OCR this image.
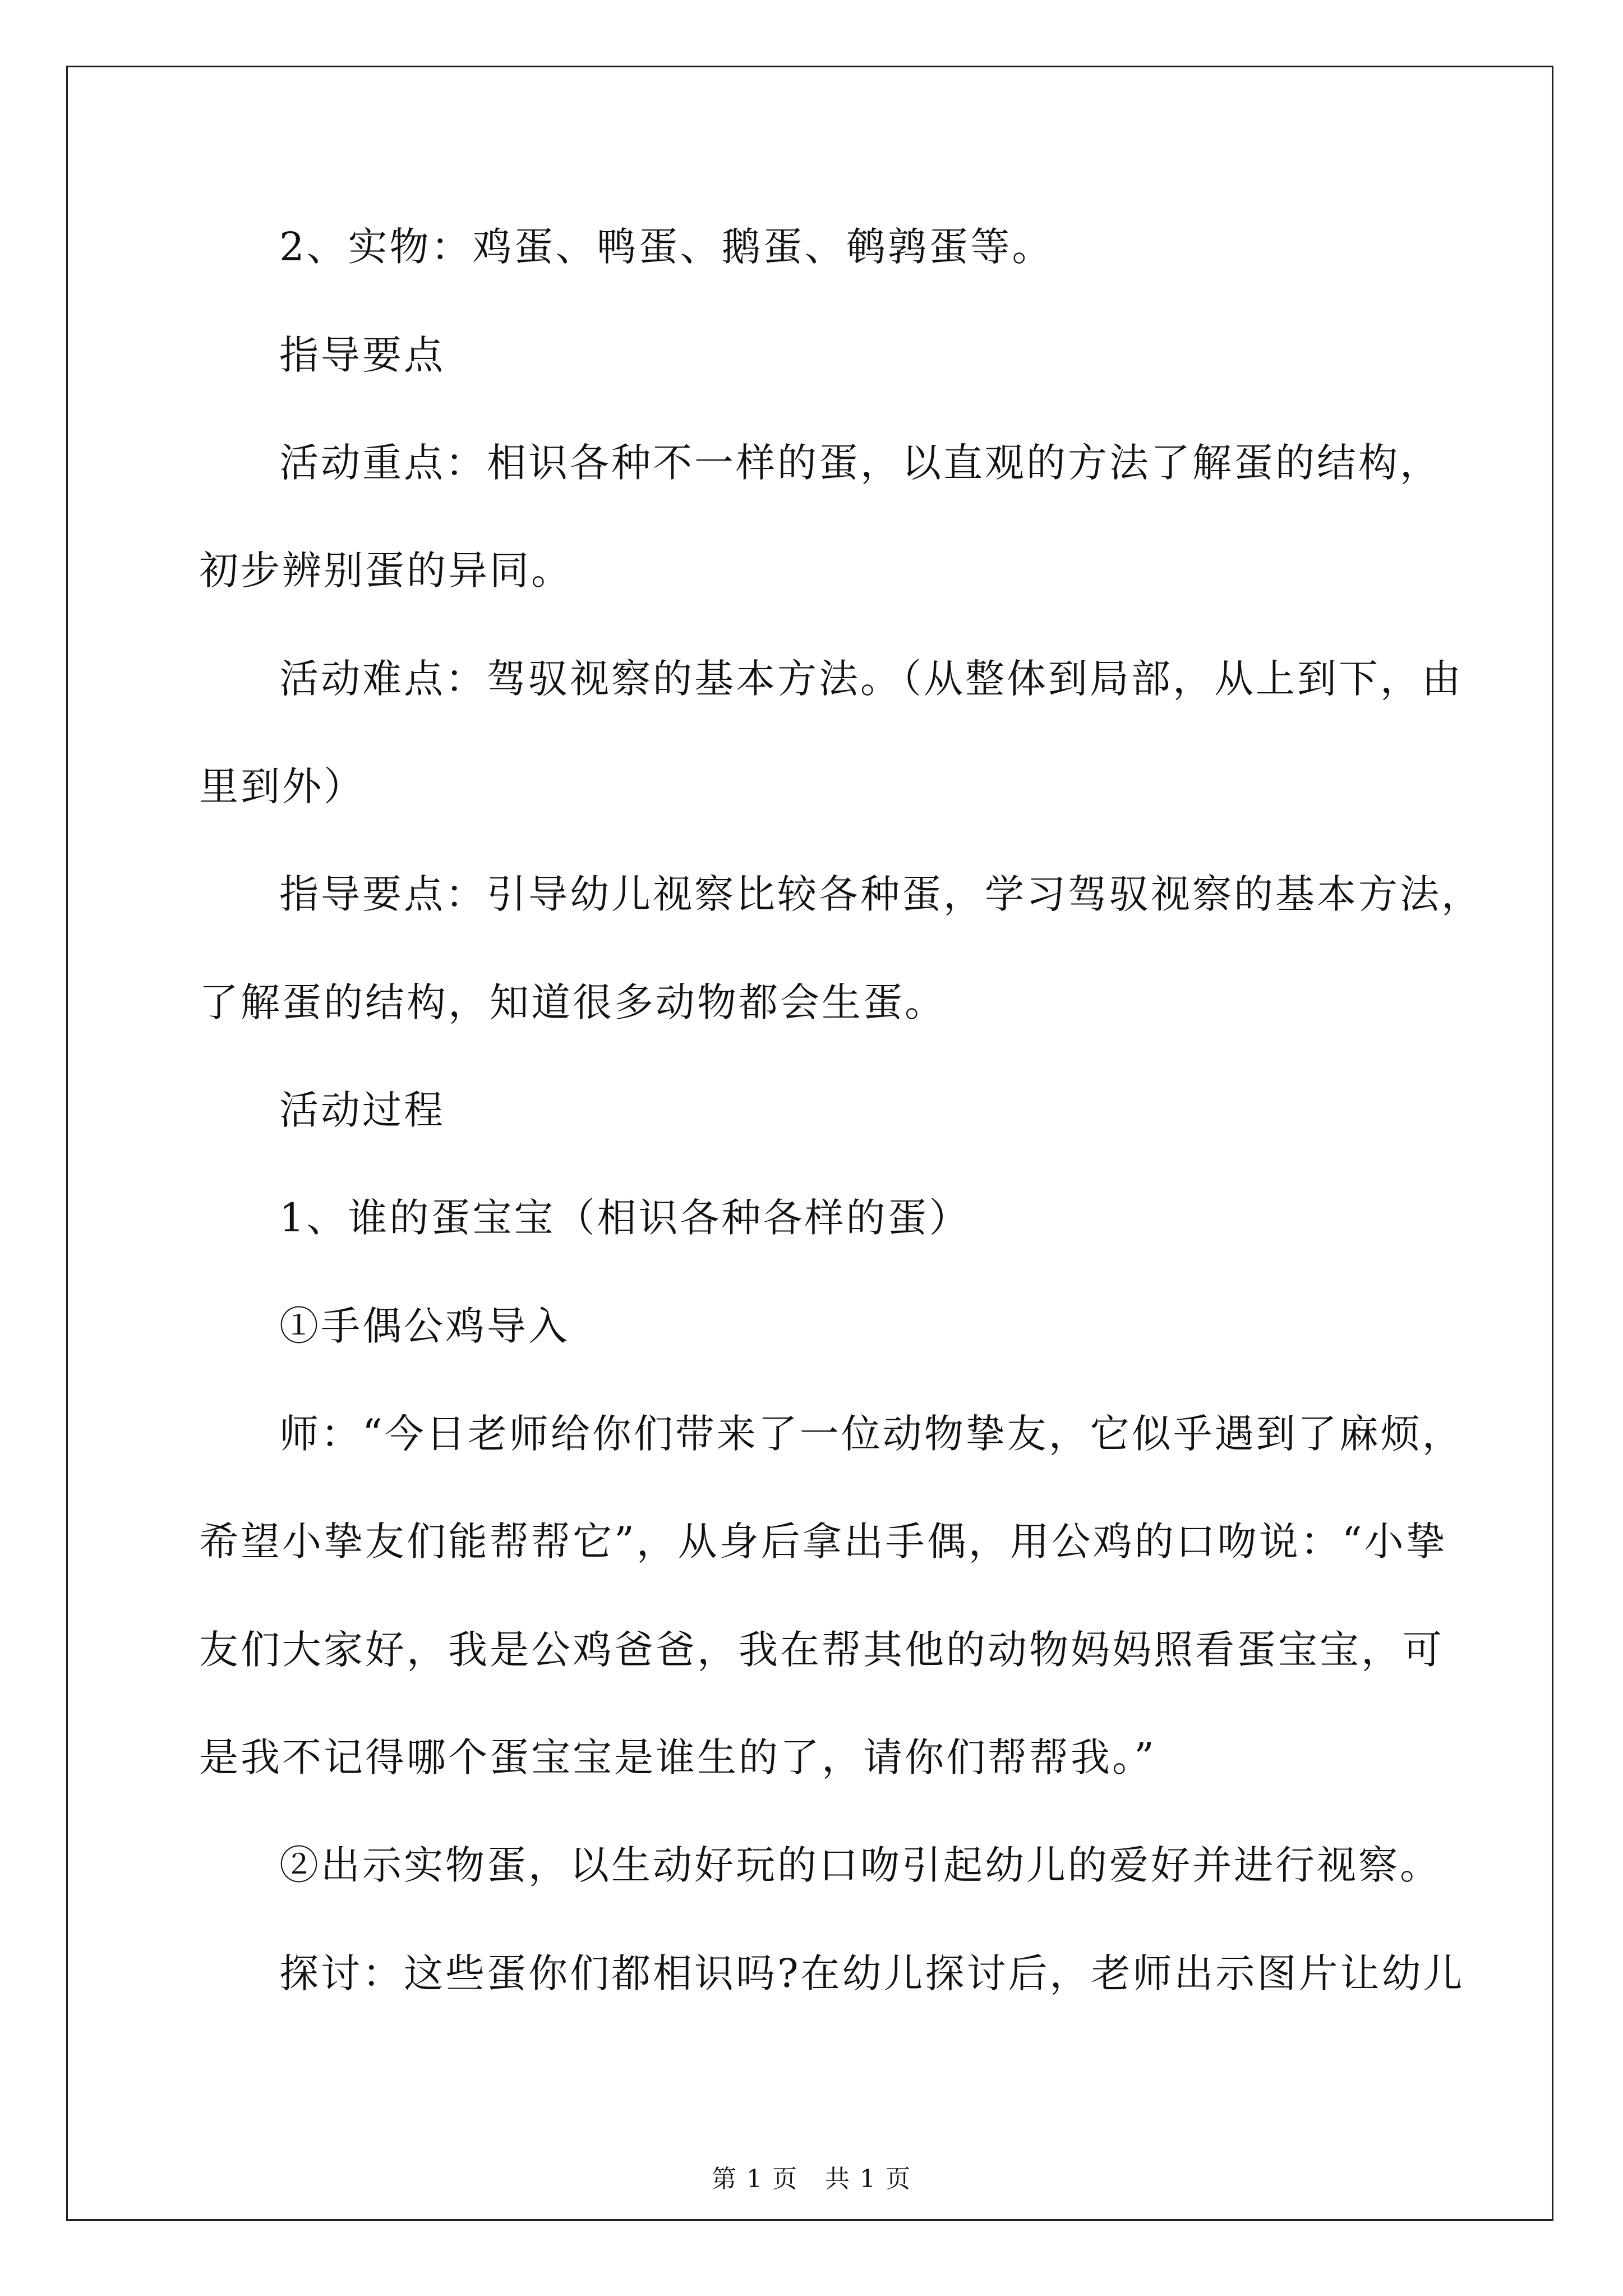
2、实物：鸡蛋、鸭蛋、鹅蛋、鹌鹑蛋等。
指导要点
活动重点：相识各种不一样的蛋，以直观的方法了解蛋的结构，
初步辨别蛋的异同。
活动难点：驾驭视察的基本方法。（从整体到局部，从上到下，由
里到外）
指导要点：引导幼儿视察比较各种蛋，学习驾驭视察的基本方法，
了解蛋的结构，知道很多动物都会生蛋。
活动过程
1、谁的蛋宝宝（相识各种各样的蛋）
①手偶公鸡导入
师：“今日老师给你们带来了一位动物挚友，它似乎遇到了麻烦，
希望小挚友们能帮帮它”，从身后拿出手偶，用公鸡的口吻说：“小挚
友们大家好，我是公鸡爸爸，我在帮其他的动物妈妈照看蛋宝宝，可
是我不记得哪个蛋宝宝是谁生的了，请你们帮帮我。”
②出示实物蛋，以生动好玩的口吻引起幼儿的爱好并进行视察。
探讨：这些蛋你们都相识吗?在幼儿探讨后，老师出示图片让幼儿
第 1 页   共 1 页
